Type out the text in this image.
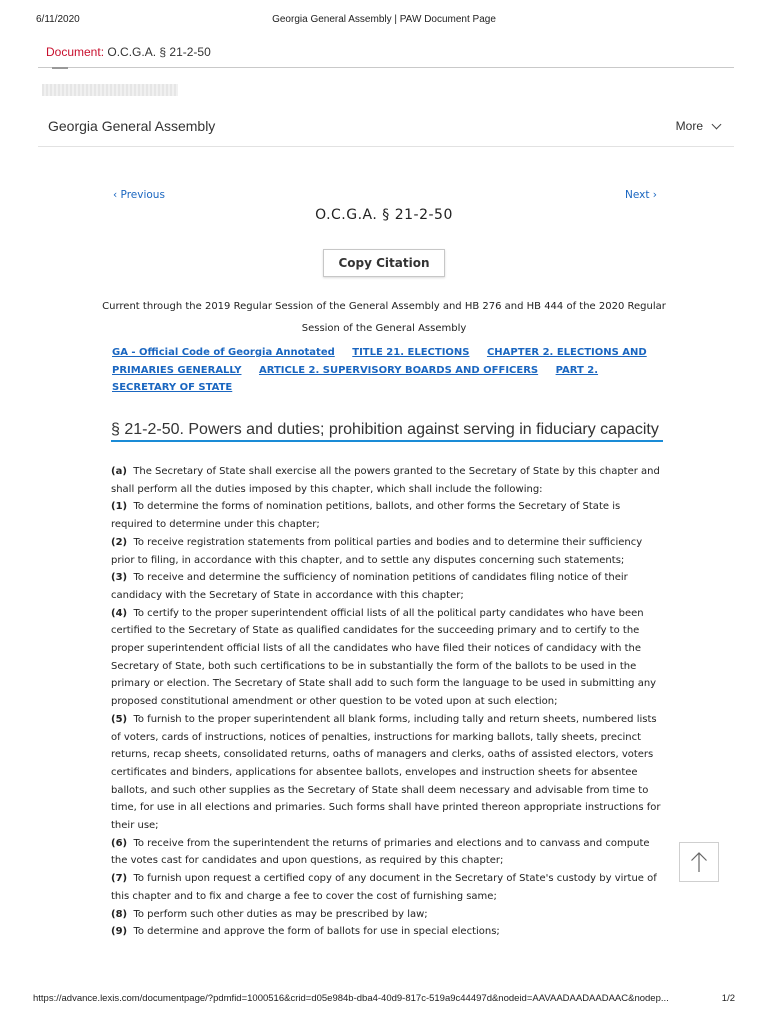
6/11/2020	Georgia General Assembly | PAW Document Page
Document: O.C.G.A. § 21-2-50
Georgia General Assembly	More
‹ Previous	Next ›
O.C.G.A. § 21-2-50
Copy Citation
Current through the 2019 Regular Session of the General Assembly and HB 276 and HB 444 of the 2020 Regular Session of the General Assembly
GA - Official Code of Georgia Annotated TITLE 21. ELECTIONS CHAPTER 2. ELECTIONS AND PRIMARIES GENERALLY ARTICLE 2. SUPERVISORY BOARDS AND OFFICERS PART 2. SECRETARY OF STATE
§ 21-2-50. Powers and duties; prohibition against serving in fiduciary capacity

(a) The Secretary of State shall exercise all the powers granted to the Secretary of State by this chapter and shall perform all the duties imposed by this chapter, which shall include the following:

(1) To determine the forms of nomination petitions, ballots, and other forms the Secretary of State is required to determine under this chapter;

(2) To receive registration statements from political parties and bodies and to determine their sufficiency prior to filing, in accordance with this chapter, and to settle any disputes concerning such statements;

(3) To receive and determine the sufficiency of nomination petitions of candidates filing notice of their candidacy with the Secretary of State in accordance with this chapter;

(4) To certify to the proper superintendent official lists of all the political party candidates who have been certified to the Secretary of State as qualified candidates for the succeeding primary and to certify to the proper superintendent official lists of all the candidates who have filed their notices of candidacy with the Secretary of State, both such certifications to be in substantially the form of the ballots to be used in the primary or election. The Secretary of State shall add to such form the language to be used in submitting any proposed constitutional amendment or other question to be voted upon at such election;

(5) To furnish to the proper superintendent all blank forms, including tally and return sheets, numbered lists of voters, cards of instructions, notices of penalties, instructions for marking ballots, tally sheets, precinct returns, recap sheets, consolidated returns, oaths of managers and clerks, oaths of assisted electors, voters certificates and binders, applications for absentee ballots, envelopes and instruction sheets for absentee ballots, and such other supplies as the Secretary of State shall deem necessary and advisable from time to time, for use in all elections and primaries. Such forms shall have printed thereon appropriate instructions for their use;

(6) To receive from the superintendent the returns of primaries and elections and to canvass and compute the votes cast for candidates and upon questions, as required by this chapter;

(7) To furnish upon request a certified copy of any document in the Secretary of State's custody by virtue of this chapter and to fix and charge a fee to cover the cost of furnishing same;

(8) To perform such other duties as may be prescribed by law;

(9) To determine and approve the form of ballots for use in special elections;

https://advance.lexis.com/documentpage/?pdmfid=1000516&crid=d05e984b-dba4-40d9-817c-519a9c44497d&nodeid=AAVAADAADAADAAC&nodep...	1/2
